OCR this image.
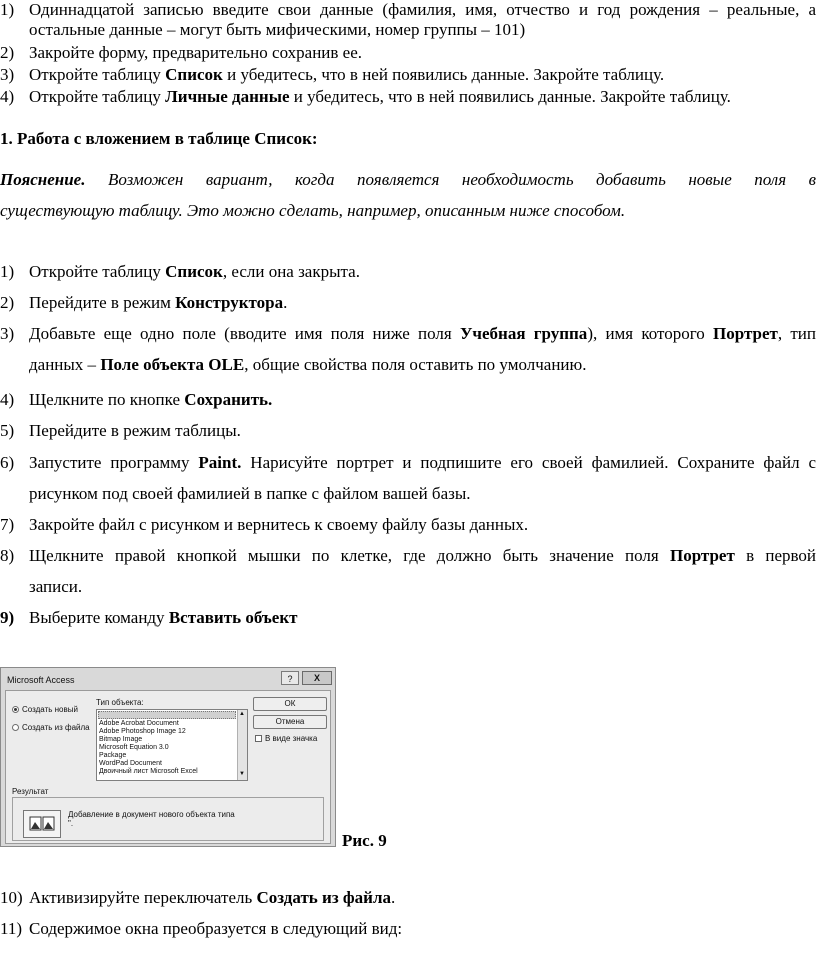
1) Одиннадцатой записью введите свои данные (фамилия, имя, отчество и год рождения – реальные, а
остальные данные – могут быть мифическими, номер группы – 101)
2) Закройте форму, предварительно сохранив ее.
3) Откройте таблицу Список и убедитесь, что в ней появились данные. Закройте таблицу.
4) Откройте таблицу Личные данные и убедитесь, что в ней появились данные. Закройте таблицу.
1. Работа с вложением в таблице Список:
Пояснение. Возможен вариант, когда появляется необходимость добавить новые поля в
существующую таблицу. Это можно сделать, например, описанным ниже способом.
1) Откройте таблицу Список, если она закрыта.
2) Перейдите в режим Конструктора.
3) Добавьте еще одно поле (вводите имя поля ниже поля Учебная группа), имя которого Портрет, тип
данных – Поле объекта OLE, общие свойства поля оставить по умолчанию.
4) Щелкните по кнопке Сохранить.
5) Перейдите в режим таблицы.
6) Запустите программу Paint. Нарисуйте портрет и подпишите его своей фамилией. Сохраните файл с
рисунком под своей фамилией в папке с файлом вашей базы.
7) Закройте файл с рисунком и вернитесь к своему файлу базы данных.
8) Щелкните правой кнопкой мышки по клетке, где должно быть значение поля Портрет в первой
записи.
9) Выберите команду Вставить объект
Microsoft Access	?	X
Создать новый
Создать из файла
Тип объекта:
Adobe Acrobat Document
Adobe Photoshop Image 12
Bitmap Image
Microsoft Equation 3.0
Package
WordPad Document
Двоичный лист Microsoft Excel
▲
▼
ОК
Отмена
В виде значка
Результат
Добавление в документ нового объекта типа
".
Рис. 9
10) Активизируйте переключатель Создать из файла.
11) Содержимое окна преобразуется в следующий вид:
